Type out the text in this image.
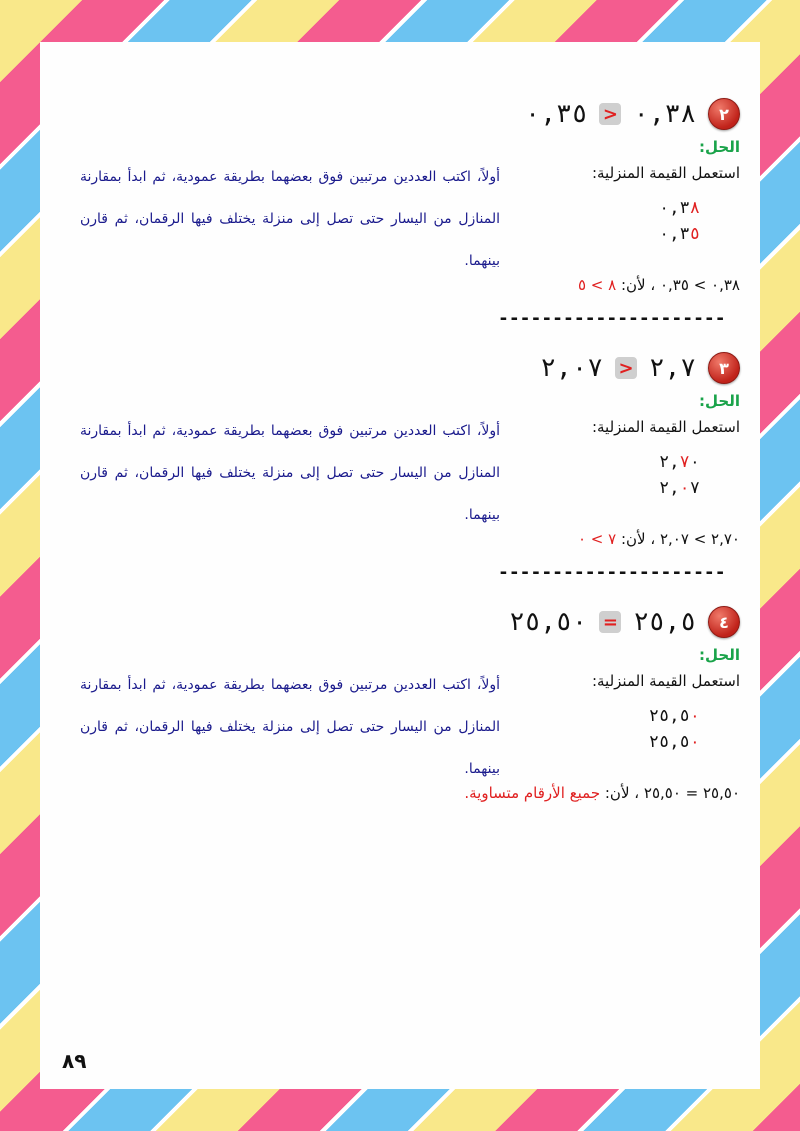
٢
٠,٣٨
<
٠,٣٥
الحل:
استعمل القيمة المنزلية:
٠,٣٨
٠,٣٥
أولاً، اكتب العددين مرتبين فوق بعضهما بطريقة عمودية، ثم ابدأ بمقارنة المنازل من اليسار حتى تصل إلى منزلة يختلف فيها الرقمان، ثم قارن بينهما.
٠,٣٨ > ٠,٣٥ ، لأن: ٨ > ٥
---------------------
٣
٢,٧
<
٢,٠٧
الحل:
استعمل القيمة المنزلية:
٢,٧٠
٢,٠٧
أولاً، اكتب العددين مرتبين فوق بعضهما بطريقة عمودية، ثم ابدأ بمقارنة المنازل من اليسار حتى تصل إلى منزلة يختلف فيها الرقمان، ثم قارن بينهما.
٢,٧٠ > ٢,٠٧ ، لأن: ٧ > ٠
---------------------
٤
٢٥,٥
=
٢٥,٥٠
الحل:
استعمل القيمة المنزلية:
٢٥,٥٠
٢٥,٥٠
أولاً، اكتب العددين مرتبين فوق بعضهما بطريقة عمودية، ثم ابدأ بمقارنة المنازل من اليسار حتى تصل إلى منزلة يختلف فيها الرقمان، ثم قارن بينهما.
٢٥,٥٠ = ٢٥,٥٠ ، لأن: جميع الأرقام متساوية.
٨٩
